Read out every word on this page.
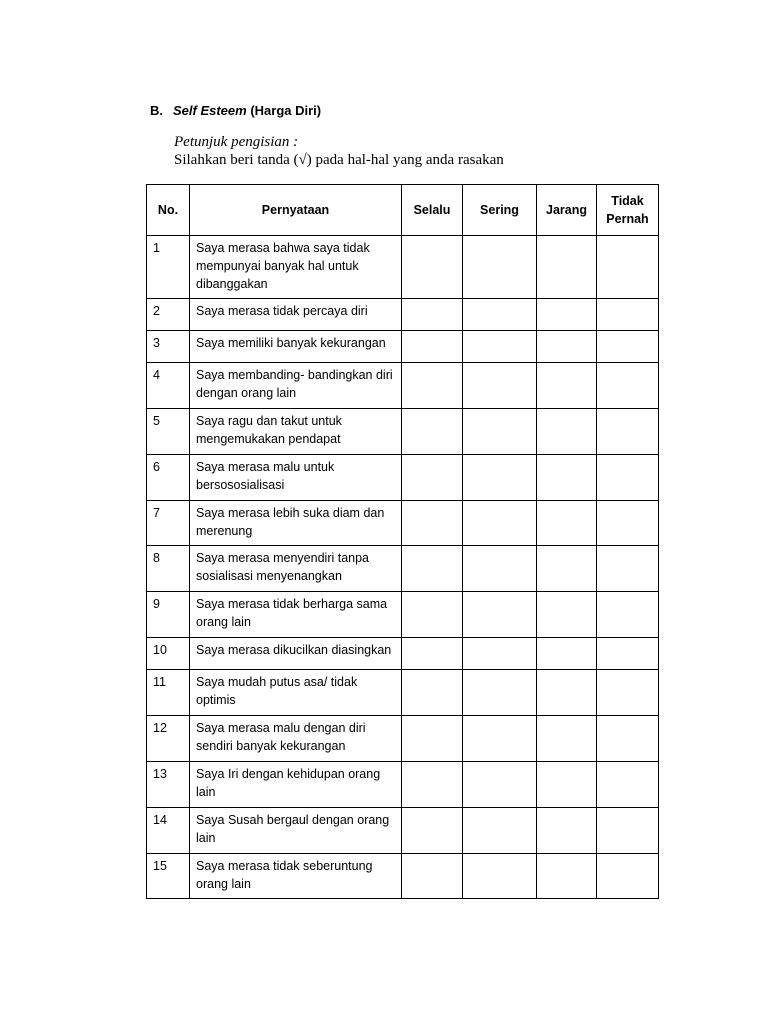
B. Self Esteem (Harga Diri)
Petunjuk pengisian :
Silahkan beri tanda (√) pada hal-hal yang anda rasakan
No.	Pernyataan	Selalu	Sering	Jarang	Tidak Pernah
1	Saya merasa bahwa saya tidak mempunyai banyak hal untuk dibanggakan				
2	Saya merasa tidak percaya diri				
3	Saya memiliki banyak kekurangan				
4	Saya membanding- bandingkan diri dengan orang lain				
5	Saya ragu dan takut untuk mengemukakan pendapat				
6	Saya merasa malu untuk bersososialisasi				
7	Saya merasa lebih suka diam dan merenung				
8	Saya merasa menyendiri tanpa sosialisasi menyenangkan				
9	Saya merasa tidak berharga sama orang lain				
10	Saya merasa dikucilkan diasingkan				
11	Saya mudah putus asa/ tidak optimis				
12	Saya merasa malu dengan diri sendiri banyak kekurangan				
13	Saya Iri dengan kehidupan orang lain				
14	Saya Susah bergaul dengan orang lain				
15	Saya merasa tidak seberuntung orang lain				
